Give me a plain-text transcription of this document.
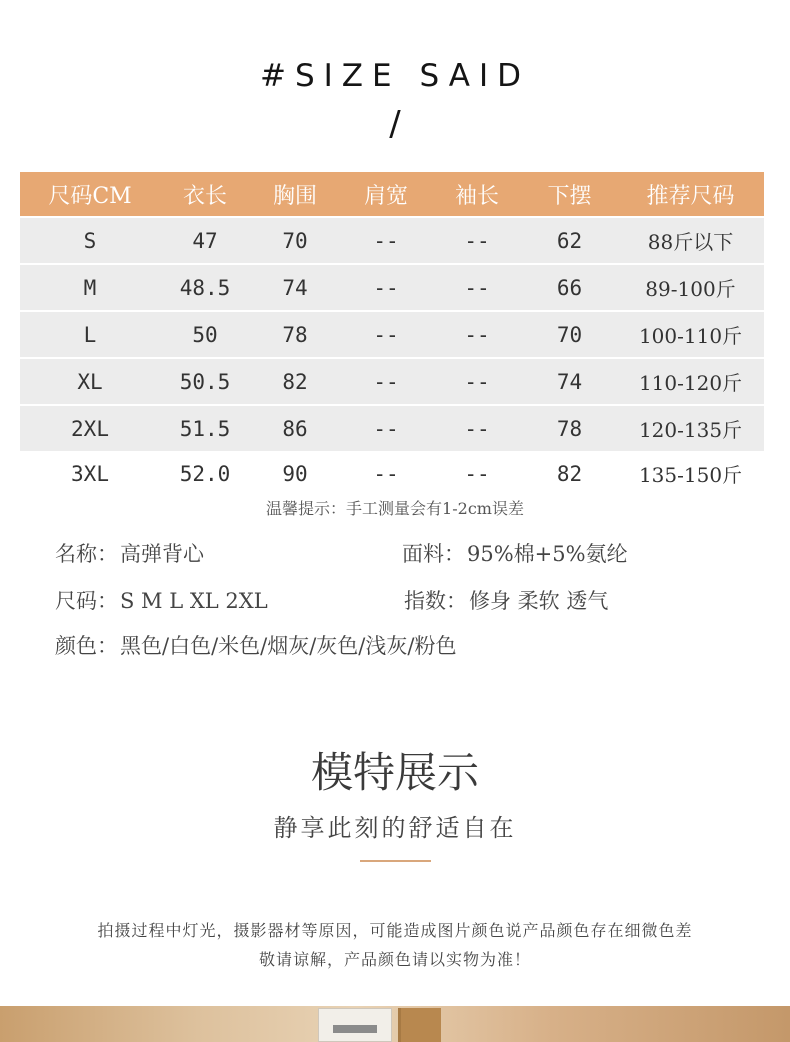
#SIZE SAID
/
尺码CM	衣长	胸围	肩宽	袖长	下摆	推荐尺码
S	47	70	--	--	62	88斤以下
M	48.5	74	--	--	66	89-100斤
L	50	78	--	--	70	100-110斤
XL	50.5	82	--	--	74	110-120斤
2XL	51.5	86	--	--	78	120-135斤
3XL	52.0	90	--	--	82	135-150斤
温馨提示：手工测量会有1-2cm误差
名称：高弹背心	面料：95%棉+5%氨纶
尺码：S M L XL 2XL	指数：修身 柔软 透气
颜色：黑色/白色/米色/烟灰/灰色/浅灰/粉色
模特展示
静享此刻的舒适自在
拍摄过程中灯光，摄影器材等原因，可能造成图片颜色说产品颜色存在细微色差
敬请谅解，产品颜色请以实物为准！
